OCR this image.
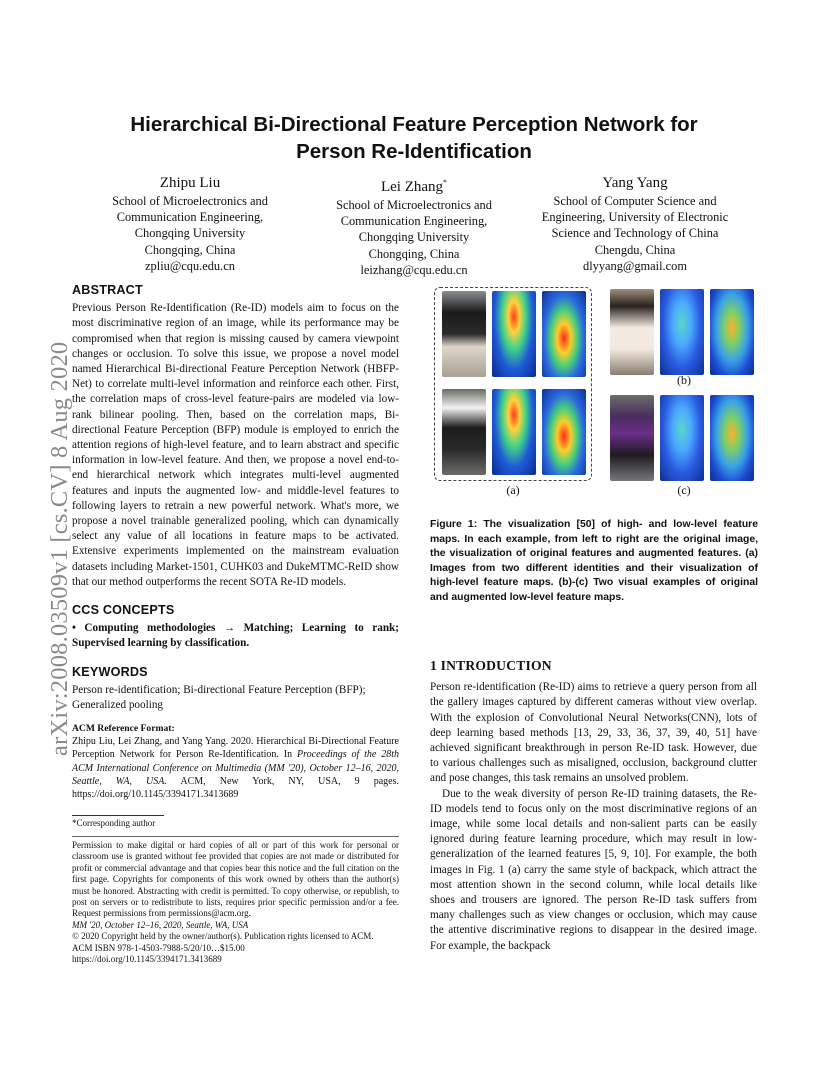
arXiv:2008.03509v1 [cs.CV] 8 Aug 2020
Hierarchical Bi-Directional Feature Perception Network for
Person Re-Identification
Zhipu Liu
School of Microelectronics and
Communication Engineering,
Chongqing University
Chongqing, China
zpliu@cqu.edu.cn
Lei Zhang*
School of Microelectronics and
Communication Engineering,
Chongqing University
Chongqing, China
leizhang@cqu.edu.cn
Yang Yang
School of Computer Science and
Engineering, University of Electronic
Science and Technology of China
Chengdu, China
dlyyang@gmail.com
ABSTRACT

Previous Person Re-Identification (Re-ID) models aim to focus on the most discriminative region of an image, while its performance may be compromised when that region is missing caused by camera viewpoint changes or occlusion. To solve this issue, we propose a novel model named Hierarchical Bi-directional Feature Perception Network (HBFP-Net) to correlate multi-level information and reinforce each other. First, the correlation maps of cross-level feature-pairs are modeled via low-rank bilinear pooling. Then, based on the correlation maps, Bi-directional Feature Perception (BFP) module is employed to enrich the attention regions of high-level feature, and to learn abstract and specific information in low-level feature. And then, we propose a novel end-to-end hierarchical network which integrates multi-level augmented features and inputs the augmented low- and middle-level features to following layers to retrain a new powerful network. What's more, we propose a novel trainable generalized pooling, which can dynamically select any value of all locations in feature maps to be activated. Extensive experiments implemented on the mainstream evaluation datasets including Market-1501, CUHK03 and DukeMTMC-ReID show that our method outperforms the recent SOTA Re-ID models.

CCS CONCEPTS

• Computing methodologies → Matching; Learning to rank; Supervised learning by classification.

KEYWORDS

Person re-identification; Bi-directional Feature Perception (BFP); Generalized pooling

ACM Reference Format:

Zhipu Liu, Lei Zhang, and Yang Yang. 2020. Hierarchical Bi-Directional Feature Perception Network for Person Re-Identification. In Proceedings of the 28th ACM International Conference on Multimedia (MM '20), October 12–16, 2020, Seattle, WA, USA. ACM, New York, NY, USA, 9 pages. https://doi.org/10.1145/3394171.3413689

*Corresponding author

Permission to make digital or hard copies of all or part of this work for personal or classroom use is granted without fee provided that copies are not made or distributed for profit or commercial advantage and that copies bear this notice and the full citation on the first page. Copyrights for components of this work owned by others than the author(s) must be honored. Abstracting with credit is permitted. To copy otherwise, or republish, to post on servers or to redistribute to lists, requires prior specific permission and/or a fee. Request permissions from permissions@acm.org.

MM '20, October 12–16, 2020, Seattle, WA, USA
© 2020 Copyright held by the owner/author(s). Publication rights licensed to ACM.
ACM ISBN 978-1-4503-7988-5/20/10…$15.00
https://doi.org/10.1145/3394171.3413689
(a)
(b)
(c)
Figure 1: The visualization [50] of high- and low-level feature maps. In each example, from left to right are the original image, the visualization of original features and augmented features. (a) Images from two different identities and their visualization of high-level feature maps. (b)-(c) Two visual examples of original and augmented low-level feature maps.
1 INTRODUCTION

Person re-identification (Re-ID) aims to retrieve a query person from all the gallery images captured by different cameras without view overlap. With the explosion of Convolutional Neural Networks(CNN), lots of deep learning based methods [13, 29, 33, 36, 37, 39, 40, 51] have achieved significant breakthrough in person Re-ID task. However, due to various challenges such as misaligned, occlusion, background clutter and pose changes, this task remains an unsolved problem.

Due to the weak diversity of person Re-ID training datasets, the Re-ID models tend to focus only on the most discriminative regions of an image, while some local details and non-salient parts can be easily ignored during feature learning procedure, which may result in low-generalization of the learned features [5, 9, 10]. For example, the both images in Fig. 1 (a) carry the same style of backpack, which attract the most attention shown in the second column, while local details like shoes and trousers are ignored. The person Re-ID task suffers from many challenges such as view changes or occlusion, which may cause the attentive discriminative regions to disappear in the desired image. For example, the backpack
